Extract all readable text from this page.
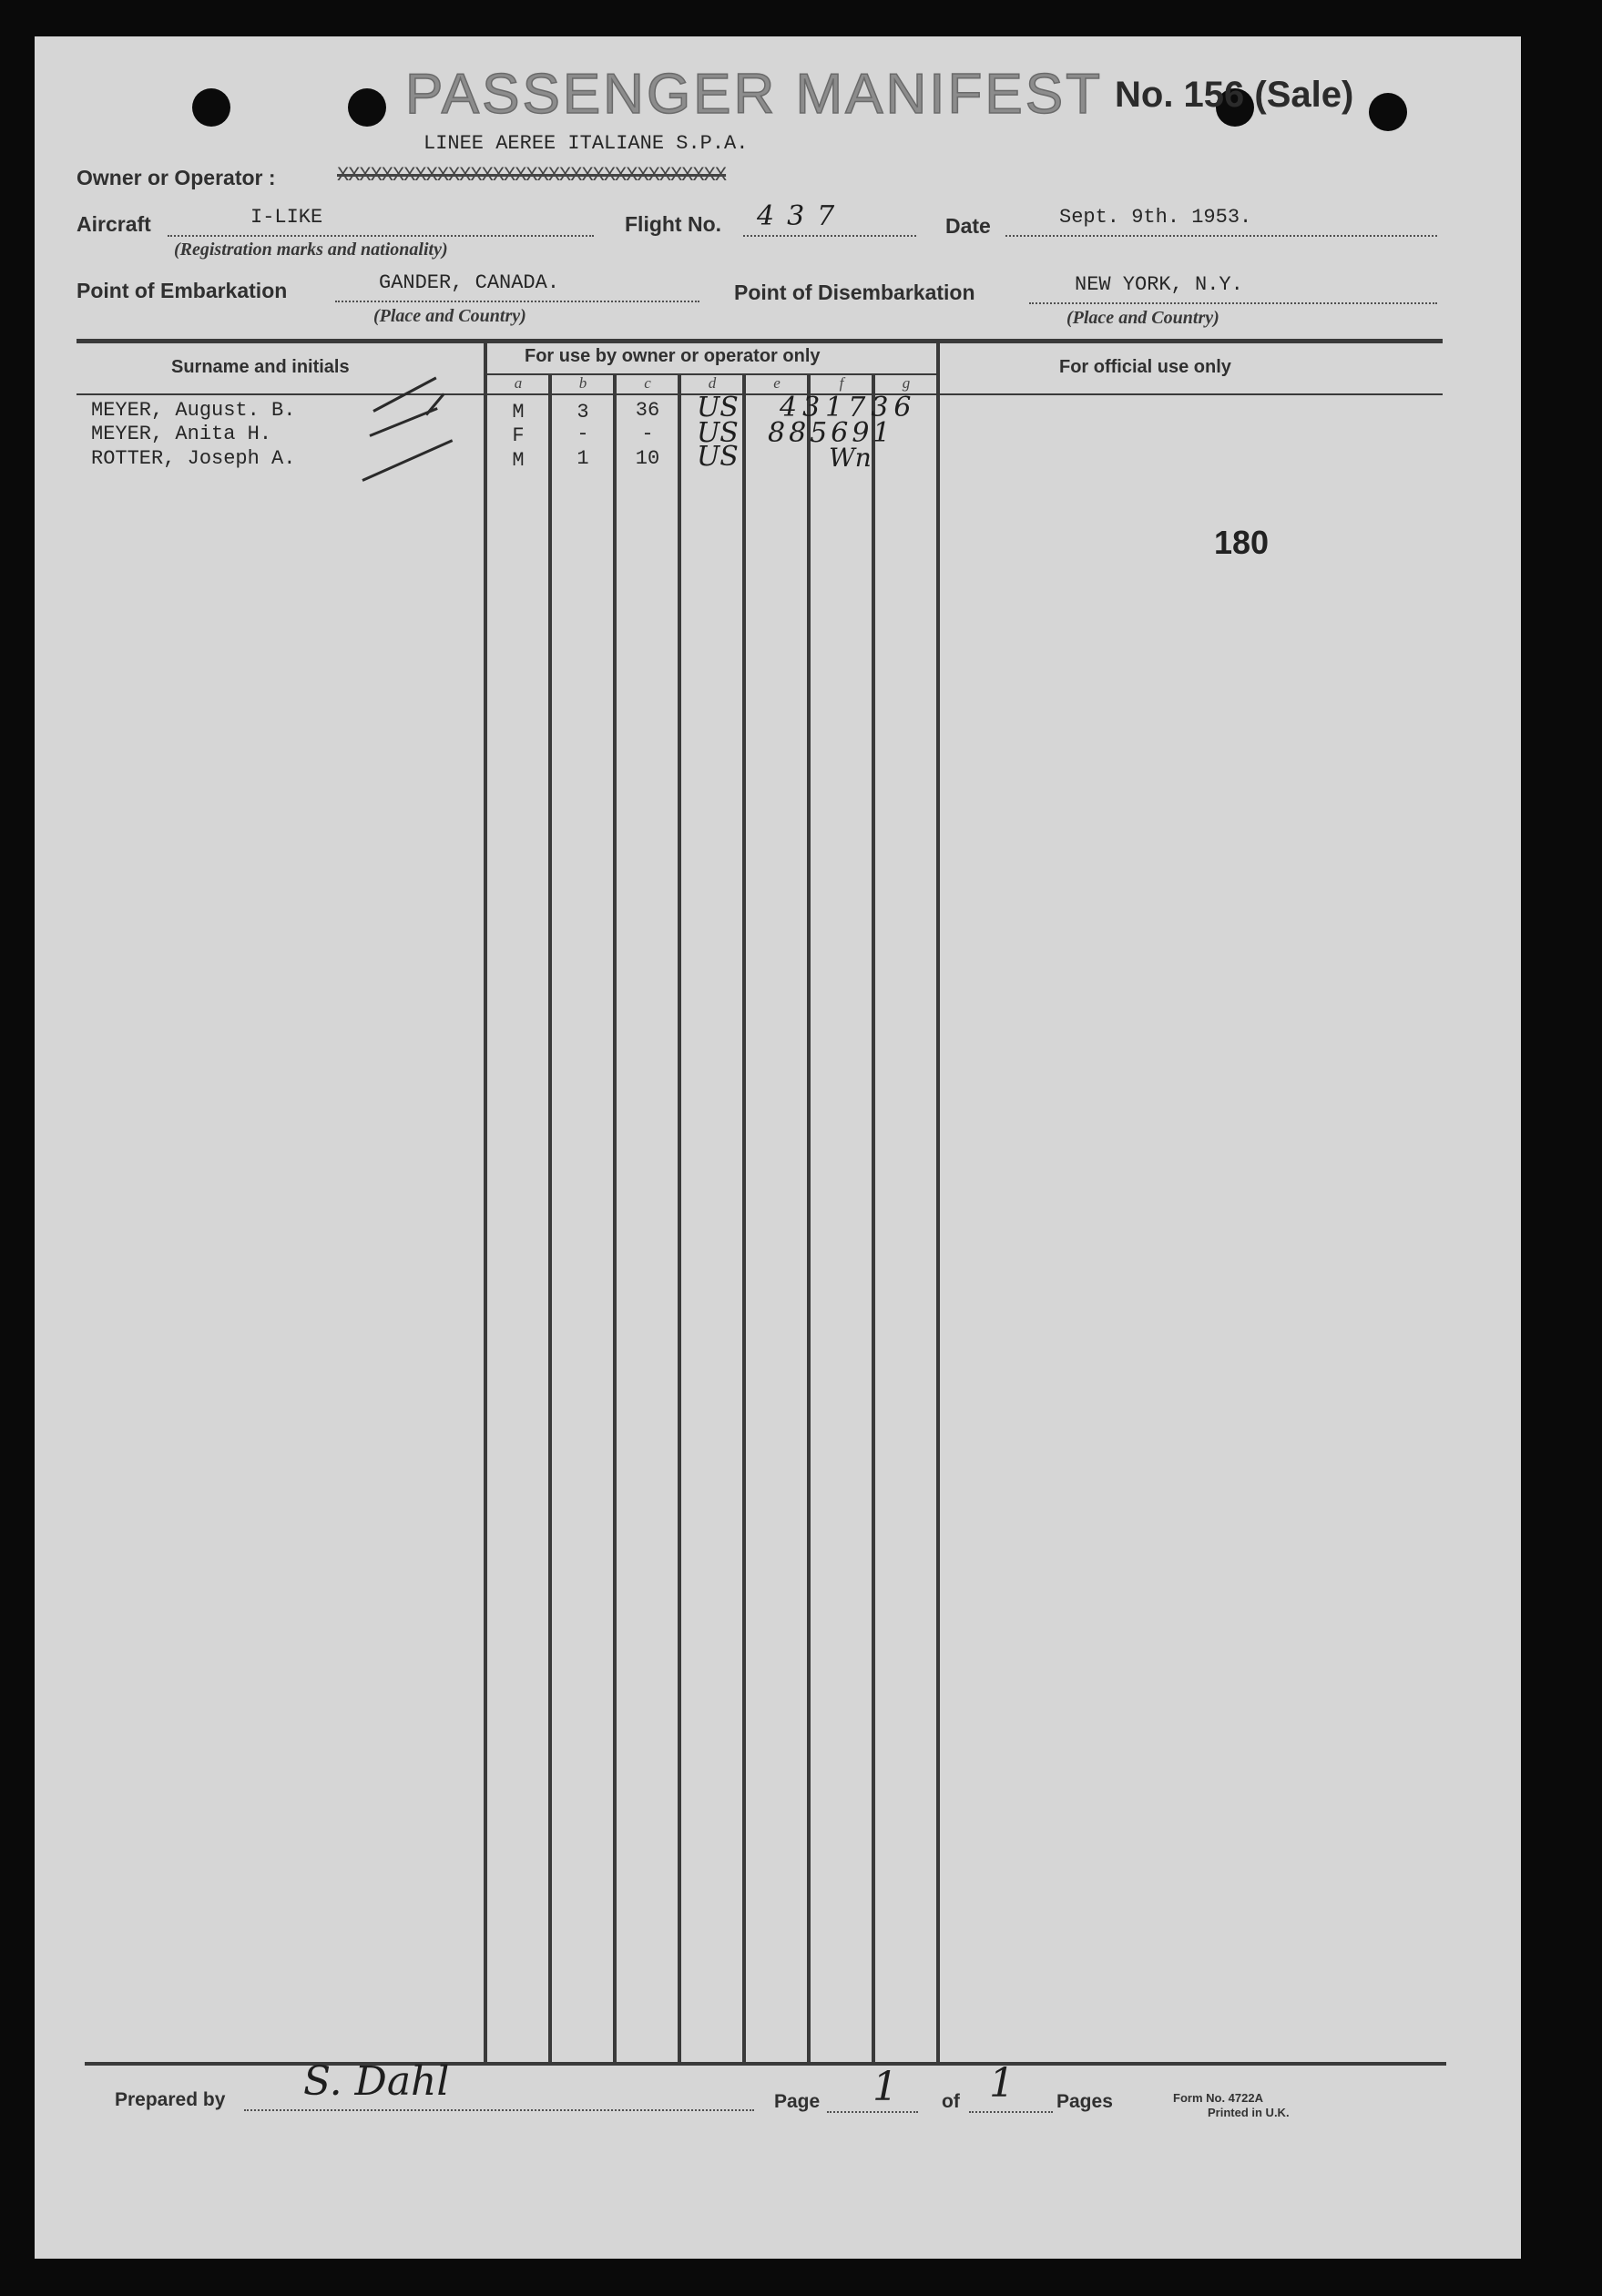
PASSENGER MANIFEST No. 156 (Sale)
LINEE AEREE ITALIANE S.P.A.
Owner or Operator :	XXXXXXXXXXXXXXXXXXXXXXXXXXXXXXXXXXX
Aircraft	I-LIKE
(Registration marks and nationality)
Flight No. 437	Date	Sept. 9th. 1953.
Point of Embarkation	GANDER, CANADA.
(Place and Country)
Point of Disembarkation	NEW YORK, N.Y.
(Place and Country)
Surname and initials
For use by owner or operator only
For official use only
a	b	c	d	e	f	g
MEYER, August. B.	M	3	36	US 431736
MEYER, Anita H.	F	-	-	US 885691
ROTTER, Joseph A.	M	1	10	US	Wn
180
Prepared by S. Dahl	Page 1 of 1 Pages	Form No. 4722A
Printed in U.K.
